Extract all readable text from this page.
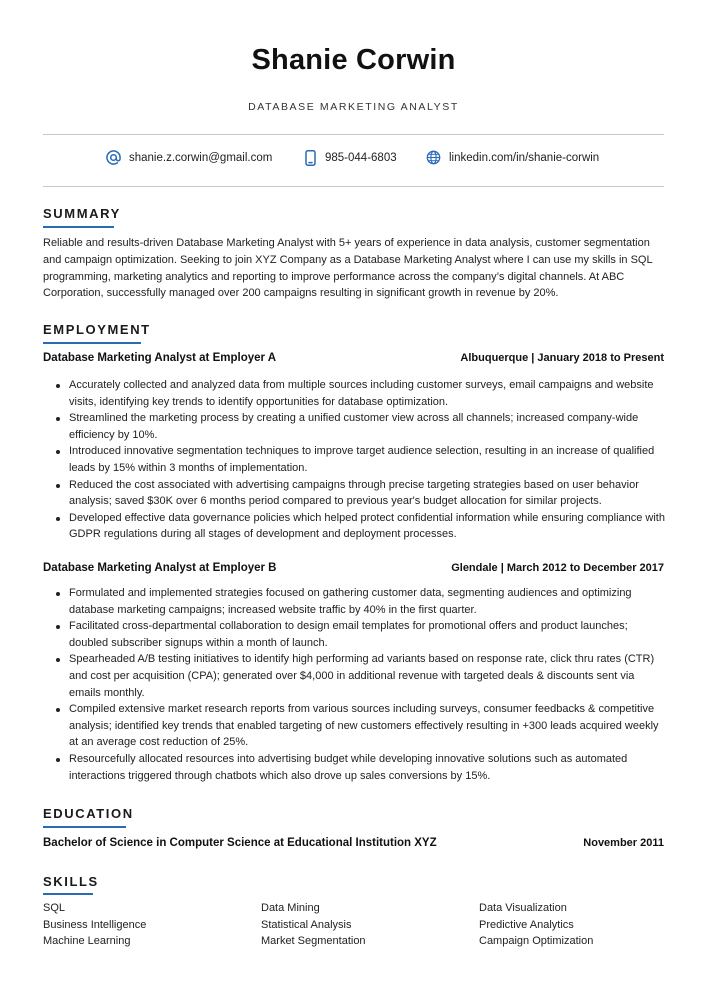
Shanie Corwin
DATABASE MARKETING ANALYST
shanie.z.corwin@gmail.com	985-044-6803	linkedin.com/in/shanie-corwin
SUMMARY
Reliable and results-driven Database Marketing Analyst with 5+ years of experience in data analysis, customer segmentation and campaign optimization. Seeking to join XYZ Company as a Database Marketing Analyst where I can use my skills in SQL programming, marketing analytics and reporting to improve performance across the company’s digital channels. At ABC Corporation, successfully managed over 200 campaigns resulting in significant growth in revenue by 20%.
EMPLOYMENT
Database Marketing Analyst at Employer A	Albuquerque | January 2018 to Present
Accurately collected and analyzed data from multiple sources including customer surveys, email campaigns and website visits, identifying key trends to identify opportunities for database optimization.
Streamlined the marketing process by creating a unified customer view across all channels; increased company-wide efficiency by 10%.
Introduced innovative segmentation techniques to improve target audience selection, resulting in an increase of qualified leads by 15% within 3 months of implementation.
Reduced the cost associated with advertising campaigns through precise targeting strategies based on user behavior analysis; saved $30K over 6 months period compared to previous year's budget allocation for similar projects.
Developed effective data governance policies which helped protect confidential information while ensuring compliance with GDPR regulations during all stages of development and deployment processes.
Database Marketing Analyst at Employer B	Glendale | March 2012 to December 2017
Formulated and implemented strategies focused on gathering customer data, segmenting audiences and optimizing database marketing campaigns; increased website traffic by 40% in the first quarter.
Facilitated cross-departmental collaboration to design email templates for promotional offers and product launches; doubled subscriber signups within a month of launch.
Spearheaded A/B testing initiatives to identify high performing ad variants based on response rate, click thru rates (CTR) and cost per acquisition (CPA); generated over $4,000 in additional revenue with targeted deals & discounts sent via emails monthly.
Compiled extensive market research reports from various sources including surveys, consumer feedbacks & competitive analysis; identified key trends that enabled targeting of new customers effectively resulting in +300 leads acquired weekly at an average cost reduction of 25%.
Resourcefully allocated resources into advertising budget while developing innovative solutions such as automated interactions triggered through chatbots which also drove up sales conversions by 15%.
EDUCATION
Bachelor of Science in Computer Science at Educational Institution XYZ	November 2011
SKILLS
SQL	Data Mining	Data Visualization
Business Intelligence	Statistical Analysis	Predictive Analytics
Machine Learning	Market Segmentation	Campaign Optimization
